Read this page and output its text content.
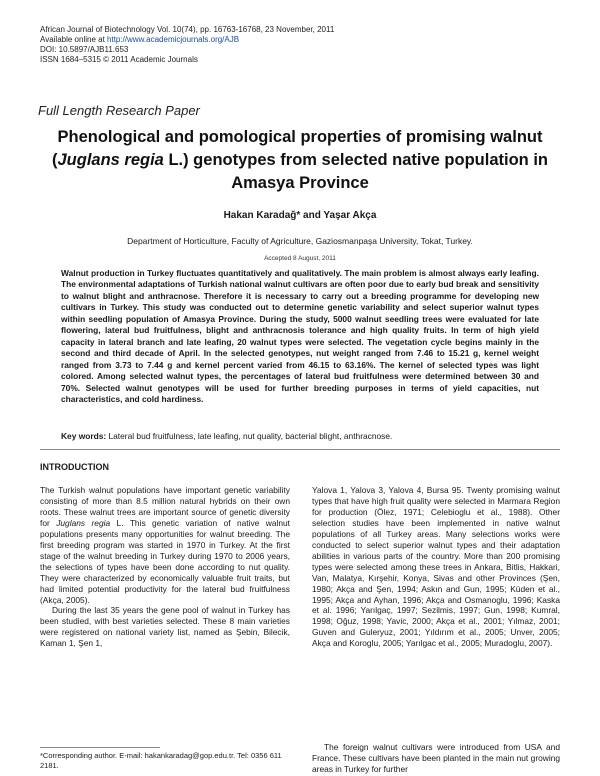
African Journal of Biotechnology Vol. 10(74), pp. 16763-16768, 23 November, 2011
Available online at http://www.academicjournals.org/AJB
DOI: 10.5897/AJB11.653
ISSN 1684–5315 © 2011 Academic Journals
Full Length Research Paper
Phenological and pomological properties of promising walnut (Juglans regia L.) genotypes from selected native population in Amasya Province
Hakan Karadağ* and Yaşar Akça
Department of Horticulture, Faculty of Agriculture, Gaziosmanpaşa University, Tokat, Turkey.
Accepted 8 August, 2011
Walnut production in Turkey fluctuates quantitatively and qualitatively. The main problem is almost always early leafing. The environmental adaptations of Turkish national walnut cultivars are often poor due to early bud break and sensitivity to walnut blight and anthracnose. Therefore it is necessary to carry out a breeding programme for developing new cultivars in Turkey. This study was conducted out to determine genetic variability and select superior walnut types within seedling population of Amasya Province. During the study, 5000 walnut seedling trees were evaluated for late flowering, lateral bud fruitfulness, blight and anthracnosis tolerance and high quality fruits. In term of high yield capacity in lateral branch and late leafing, 20 walnut types were selected. The vegetation cycle begins mainly in the second and third decade of April. In the selected genotypes, nut weight ranged from 7.46 to 15.21 g, kernel weight ranged from 3.73 to 7.44 g and kernel percent varied from 46.15 to 63.16%. The kernel of selected types was light colored. Among selected walnut types, the percentages of lateral bud fruitfulness were determined between 30 and 70%. Selected walnut genotypes will be used for further breeding purposes in terms of yield capacities, nut characteristics, and cold hardiness.
Key words: Lateral bud fruitfulness, late leafing, nut quality, bacterial blight, anthracnose.
INTRODUCTION

The Turkish walnut populations have important genetic variability consisting of more than 8.5 million natural hybrids on their own roots. These walnut trees are important source of genetic diversity for Juglans regia L. This genetic variation of native walnut populations presents many opportunities for walnut breeding. The first breeding program was started in 1970 in Turkey. At the first stage of the walnut breeding in Turkey during 1970 to 2006 years, the selections of types have been done according to nut quality. They were characterized by economically valuable fruit traits, but had limited potential productivity for the lateral bud fruitfulness (Akça, 2005).

During the last 35 years the gene pool of walnut in Turkey has been studied, with best varieties selected. These 8 main varieties were registered on national variety list, named as Şebin, Bilecik, Kaman 1, Şen 1,

Yalova 1, Yalova 3, Yalova 4, Bursa 95. Twenty promising walnut types that have high fruit quality were selected in Marmara Region for production (Ölez, 1971; Celebioglu et al., 1988). Other selection studies have been implemented in native walnut populations of all Turkey areas. Many selections works were conducted to select superior walnut types and their adaptation abilities in various parts of the country. More than 200 promising types were selected among these trees in Ankara, Bitlis, Hakkari, Van, Malatya, Kırşehir, Konya, Sivas and other Provinces (Şen, 1980; Akça and Şen, 1994; Askın and Gun, 1995; Küden et al., 1995; Akça and Ayhan, 1996; Akça and Osmanoglu, 1996; Kaska et al. 1996; Yarılgaç, 1997; Sezilmis, 1997; Gun, 1998; Kumral, 1998; Oğuz, 1998; Yavic, 2000; Akça et al., 2001; Yılmaz, 2001; Guven and Guleryuz, 2001; Yıldırım et al., 2005; Unver, 2005; Akça and Koroglu, 2005; Yarılgac et al., 2005; Muradoglu, 2007).

The foreign walnut cultivars were introduced from USA and France. These cultivars have been planted in the main nut growing areas in Turkey for further

*Corresponding author. E-mail: hakankaradag@gop.edu.tr. Tel: 0356 611 2181.
